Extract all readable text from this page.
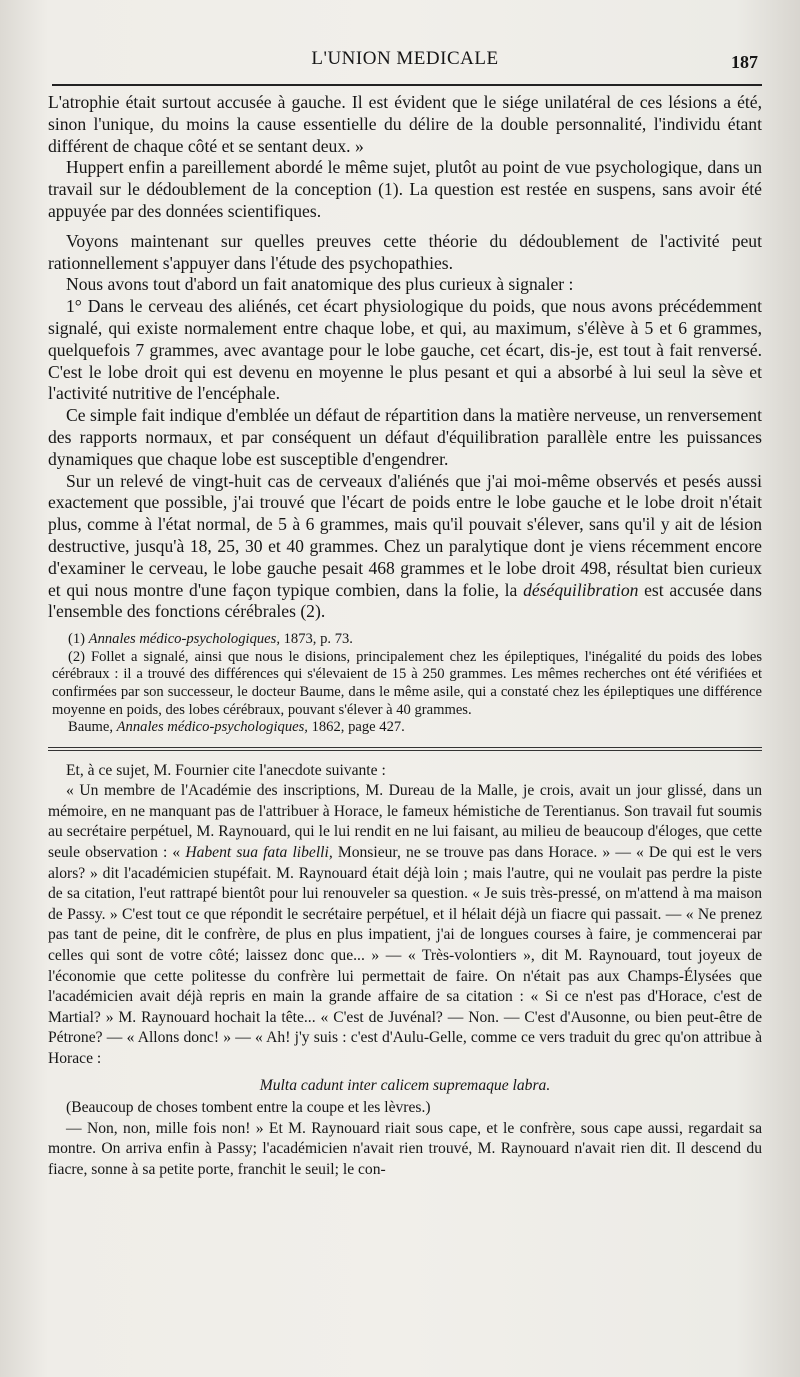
L'UNION MEDICALE	187

L'atrophie était surtout accusée à gauche. Il est évident que le siége unilatéral de ces lésions a été, sinon l'unique, du moins la cause essentielle du délire de la double personnalité, l'individu étant différent de chaque côté et se sentant deux. »

Huppert enfin a pareillement abordé le même sujet, plutôt au point de vue psychologique, dans un travail sur le dédoublement de la conception (1). La question est restée en suspens, sans avoir été appuyée par des données scientifiques.

Voyons maintenant sur quelles preuves cette théorie du dédoublement de l'activité peut rationnellement s'appuyer dans l'étude des psychopathies.

Nous avons tout d'abord un fait anatomique des plus curieux à signaler :

1° Dans le cerveau des aliénés, cet écart physiologique du poids, que nous avons précédemment signalé, qui existe normalement entre chaque lobe, et qui, au maximum, s'élève à 5 et 6 grammes, quelquefois 7 grammes, avec avantage pour le lobe gauche, cet écart, dis-je, est tout à fait renversé. C'est le lobe droit qui est devenu en moyenne le plus pesant et qui a absorbé à lui seul la sève et l'activité nutritive de l'encéphale.

Ce simple fait indique d'emblée un défaut de répartition dans la matière nerveuse, un renversement des rapports normaux, et par conséquent un défaut d'équilibration parallèle entre les puissances dynamiques que chaque lobe est susceptible d'engendrer.

Sur un relevé de vingt-huit cas de cerveaux d'aliénés que j'ai moi-même observés et pesés aussi exactement que possible, j'ai trouvé que l'écart de poids entre le lobe gauche et le lobe droit n'était plus, comme à l'état normal, de 5 à 6 grammes, mais qu'il pouvait s'élever, sans qu'il y ait de lésion destructive, jusqu'à 18, 25, 30 et 40 grammes. Chez un paralytique dont je viens récemment encore d'examiner le cerveau, le lobe gauche pesait 468 grammes et le lobe droit 498, résultat bien curieux et qui nous montre d'une façon typique combien, dans la folie, la déséquilibration est accusée dans l'ensemble des fonctions cérébrales (2).

(1) Annales médico-psychologiques, 1873, p. 73.

(2) Follet a signalé, ainsi que nous le disions, principalement chez les épileptiques, l'inégalité du poids des lobes cérébraux : il a trouvé des différences qui s'élevaient de 15 à 250 grammes. Les mêmes recherches ont été vérifiées et confirmées par son successeur, le docteur Baume, dans le même asile, qui a constaté chez les épileptiques une différence moyenne en poids, des lobes cérébraux, pouvant s'élever à 40 grammes.

Baume, Annales médico-psychologiques, 1862, page 427.

Et, à ce sujet, M. Fournier cite l'anecdote suivante :

« Un membre de l'Académie des inscriptions, M. Dureau de la Malle, je crois, avait un jour glissé, dans un mémoire, en ne manquant pas de l'attribuer à Horace, le fameux hémistiche de Terentianus. Son travail fut soumis au secrétaire perpétuel, M. Raynouard, qui le lui rendit en ne lui faisant, au milieu de beaucoup d'éloges, que cette seule observation : « Habent sua fata libelli, Monsieur, ne se trouve pas dans Horace. » — « De qui est le vers alors? » dit l'académicien stupéfait. M. Raynouard était déjà loin ; mais l'autre, qui ne voulait pas perdre la piste de sa citation, l'eut rattrapé bientôt pour lui renouveler sa question. « Je suis très-pressé, on m'attend à ma maison de Passy. » C'est tout ce que répondit le secrétaire perpétuel, et il hélait déjà un fiacre qui passait. — « Ne prenez pas tant de peine, dit le confrère, de plus en plus impatient, j'ai de longues courses à faire, je commencerai par celles qui sont de votre côté; laissez donc que... » — « Très-volontiers », dit M. Raynouard, tout joyeux de l'économie que cette politesse du confrère lui permettait de faire. On n'était pas aux Champs-Élysées que l'académicien avait déjà repris en main la grande affaire de sa citation : « Si ce n'est pas d'Horace, c'est de Martial? » M. Raynouard hochait la tête... « C'est de Juvénal? — Non. — C'est d'Ausonne, ou bien peut-être de Pétrone? — « Allons donc! » — « Ah! j'y suis : c'est d'Aulu-Gelle, comme ce vers traduit du grec qu'on attribue à Horace :

Multa cadunt inter calicem supremaque labra.

(Beaucoup de choses tombent entre la coupe et les lèvres.)

— Non, non, mille fois non! » Et M. Raynouard riait sous cape, et le confrère, sous cape aussi, regardait sa montre. On arriva enfin à Passy; l'académicien n'avait rien trouvé, M. Raynouard n'avait rien dit. Il descend du fiacre, sonne à sa petite porte, franchit le seuil; le con-
